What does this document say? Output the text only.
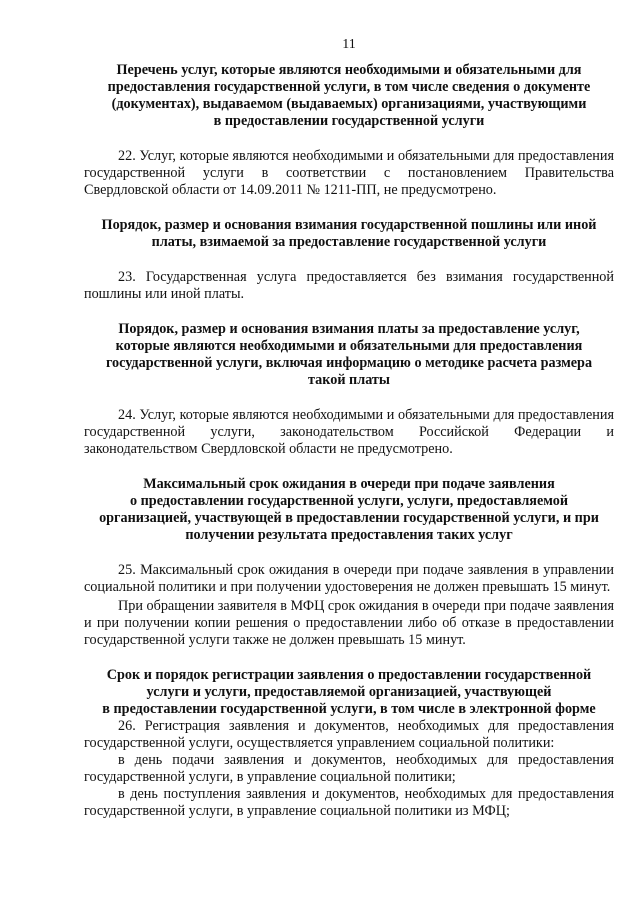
11
Перечень услуг, которые являются необходимыми и обязательными для
предоставления государственной услуги, в том числе сведения о документе
(документах), выдаваемом (выдаваемых) организациями, участвующими
в предоставлении государственной услуги

22. Услуг, которые являются необходимыми и обязательными для предоставления государственной услуги в соответствии с постановлением Правительства Свердловской области от 14.09.2011 № 1211-ПП, не предусмотрено.

Порядок, размер и основания взимания государственной пошлины или иной
платы, взимаемой за предоставление государственной услуги

23. Государственная услуга предоставляется без взимания государственной пошлины или иной платы.

Порядок, размер и основания взимания платы за предоставление услуг,
которые являются необходимыми и обязательными для предоставления
государственной услуги, включая информацию о методике расчета размера
такой платы

24. Услуг, которые являются необходимыми и обязательными для предоставления государственной услуги, законодательством Российской Федерации и законодательством Свердловской области не предусмотрено.

Максимальный срок ожидания в очереди при подаче заявления
о предоставлении государственной услуги, услуги, предоставляемой
организацией, участвующей в предоставлении государственной услуги, и при
получении результата предоставления таких услуг

25. Максимальный срок ожидания в очереди при подаче заявления в управлении социальной политики и при получении удостоверения не должен превышать 15 минут.

При обращении заявителя в МФЦ срок ожидания в очереди при подаче заявления и при получении копии решения о предоставлении либо об отказе в предоставлении государственной услуги также не должен превышать 15 минут.

Срок и порядок регистрации заявления о предоставлении государственной
услуги и услуги, предоставляемой организацией, участвующей
в предоставлении государственной услуги, в том числе в электронной форме

26. Регистрация заявления и документов, необходимых для предоставления государственной услуги, осуществляется управлением социальной политики:

в день подачи заявления и документов, необходимых для предоставления государственной услуги, в управление социальной политики;

в день поступления заявления и документов, необходимых для предоставления государственной услуги, в управление социальной политики из МФЦ;
